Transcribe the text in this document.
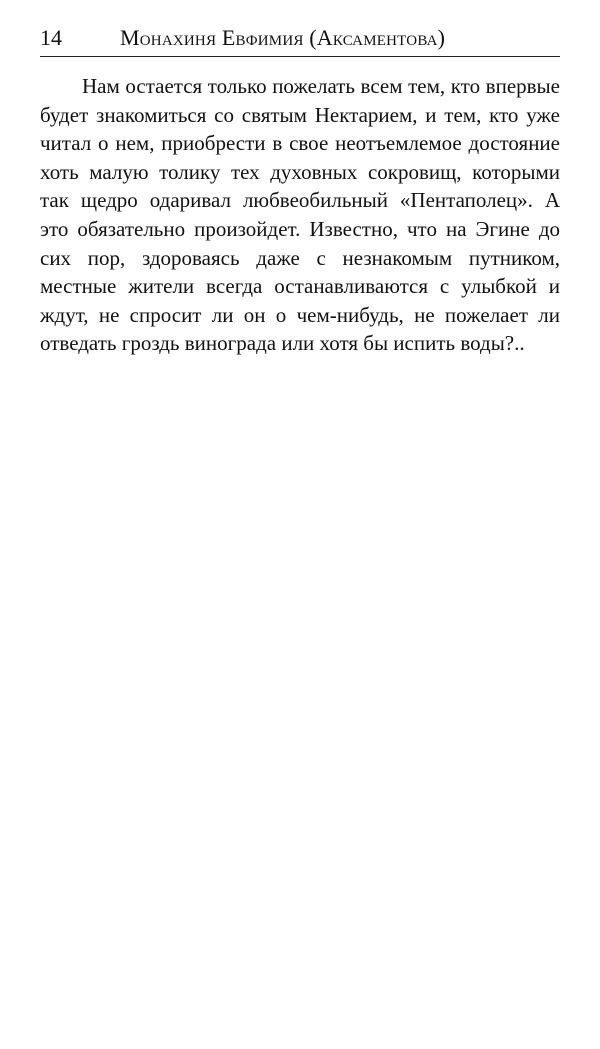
14	Монахиня Евфимия (Аксаментова)

Нам остается только пожелать всем тем, кто впервые будет знакомиться со святым Нектарием, и тем, кто уже читал о нем, приобрести в свое неотъемлемое достояние хоть малую толику тех духовных сокровищ, которыми так щедро одаривал любвеобильный «Пентаполец». А это обязательно произойдет. Известно, что на Эгине до сих пор, здороваясь даже с незнакомым путником, местные жители всегда останавливаются с улыбкой и ждут, не спросит ли он о чем-нибудь, не пожелает ли отведать гроздь винограда или хотя бы испить воды?..
